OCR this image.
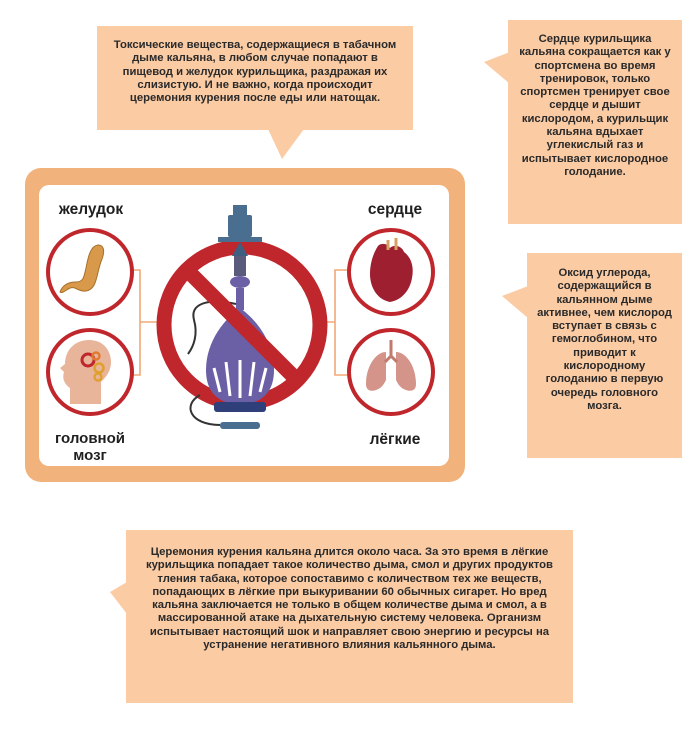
Токсические вещества, содержащиеся в табачном дыме кальяна, в любом случае попадают в пищевод и желудок курильщика, раздражая их слизистую. И не важно, когда происходит церемония курения после еды или натощак.
Сердце курильщика кальяна сокращается как у спортсмена во время тренировок, только спортсмен тренирует свое сердце и дышит кислородом, а курильщик кальяна вдыхает углекислый газ и испытывает кислородное голодание.
Оксид углерода, содержащийся в кальянном дыме активнее, чем кислород вступает в связь с гемоглобином, что приводит к кислородному голоданию в первую очередь головного мозга.
Церемония курения кальяна длится около часа. За это время в лёгкие курильщика попадает такое количество дыма, смол и других продуктов тления табака, которое сопоставимо с количеством тех же веществ, попадающих в лёгкие при выкуривании 60 обычных сигарет. Но вред кальяна заключается не только в общем количестве дыма и смол, а в массированной атаке на дыхательную систему человека. Организм испытывает настоящий шок и направляет свою энергию и ресурсы на устранение негативного влияния кальянного дыма.
желудок
головной мозг
сердце
лёгкие
